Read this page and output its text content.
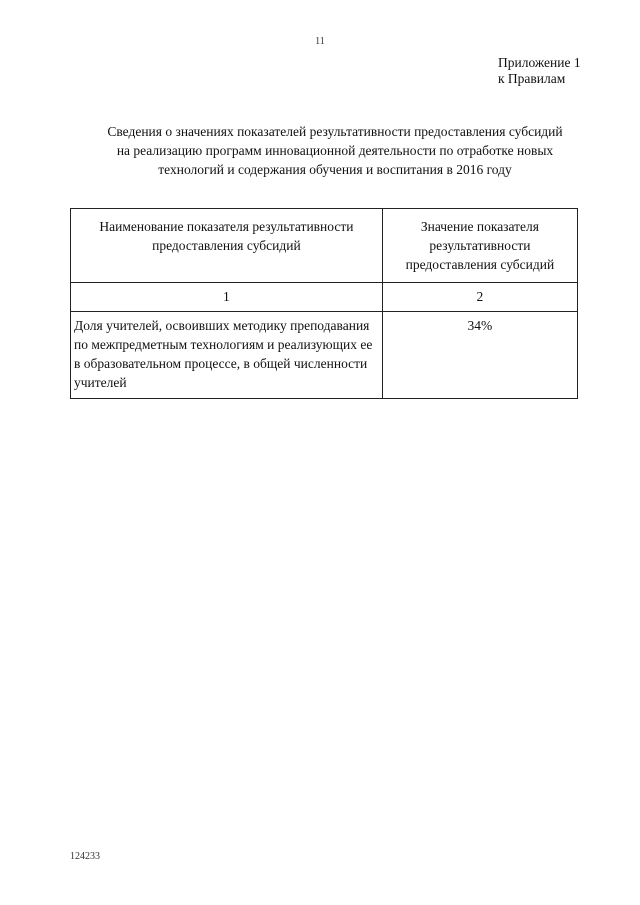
11
Приложение 1
к Правилам
Сведения о значениях показателей результативности предоставления субсидий
на реализацию программ инновационной деятельности по отработке новых
технологий и содержания обучения и воспитания в 2016 году
Наименование показателя результативности предоставления субсидий	Значение показателя результативности предоставления субсидий
1	2
Доля учителей, освоивших методику преподавания по межпредметным технологиям и реализующих ее в образовательном процессе, в общей численности учителей	34%
124233
